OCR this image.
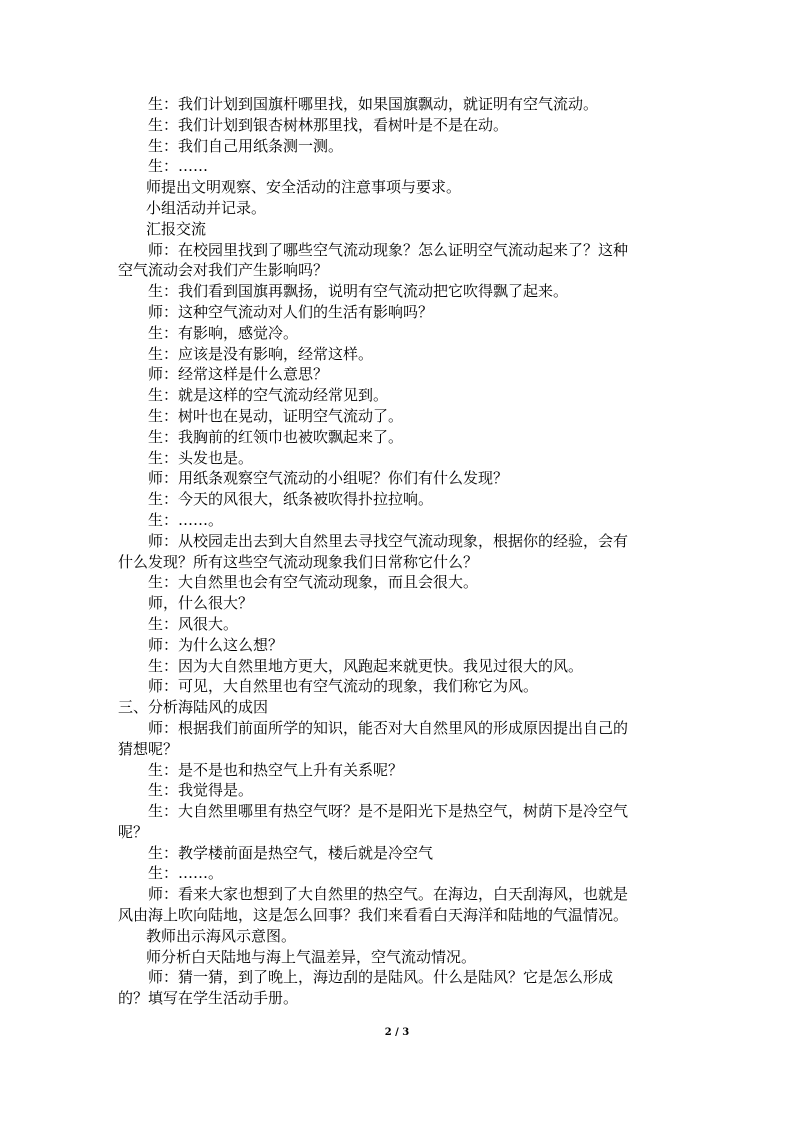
生：我们计划到国旗杆哪里找，如果国旗飘动，就证明有空气流动。
生：我们计划到银杏树林那里找，看树叶是不是在动。
生：我们自己用纸条测一测。
生：……
师提出文明观察、安全活动的注意事项与要求。
小组活动并记录。
汇报交流
师：在校园里找到了哪些空气流动现象？怎么证明空气流动起来了？这种
空气流动会对我们产生影响吗？
生：我们看到国旗再飘扬，说明有空气流动把它吹得飘了起来。
师：这种空气流动对人们的生活有影响吗？
生：有影响，感觉冷。
生：应该是没有影响，经常这样。
师：经常这样是什么意思？
生：就是这样的空气流动经常见到。
生：树叶也在晃动，证明空气流动了。
生：我胸前的红领巾也被吹飘起来了。
生：头发也是。
师：用纸条观察空气流动的小组呢？你们有什么发现？
生：今天的风很大，纸条被吹得扑拉拉响。
生：……。
师：从校园走出去到大自然里去寻找空气流动现象，根据你的经验，会有
什么发现？所有这些空气流动现象我们日常称它什么？
生：大自然里也会有空气流动现象，而且会很大。
师，什么很大？
生：风很大。
师：为什么这么想？
生：因为大自然里地方更大，风跑起来就更快。我见过很大的风。
师：可见，大自然里也有空气流动的现象，我们称它为风。
三、分析海陆风的成因
师：根据我们前面所学的知识，能否对大自然里风的形成原因提出自己的
猜想呢？
生：是不是也和热空气上升有关系呢？
生：我觉得是。
生：大自然里哪里有热空气呀？是不是阳光下是热空气，树荫下是冷空气
呢？
生：教学楼前面是热空气，楼后就是冷空气
生：……。
师：看来大家也想到了大自然里的热空气。在海边，白天刮海风，也就是
风由海上吹向陆地，这是怎么回事？我们来看看白天海洋和陆地的气温情况。
教师出示海风示意图。
师分析白天陆地与海上气温差异，空气流动情况。
师：猜一猜，到了晚上，海边刮的是陆风。什么是陆风？它是怎么形成
的？填写在学生活动手册。
2 / 3
